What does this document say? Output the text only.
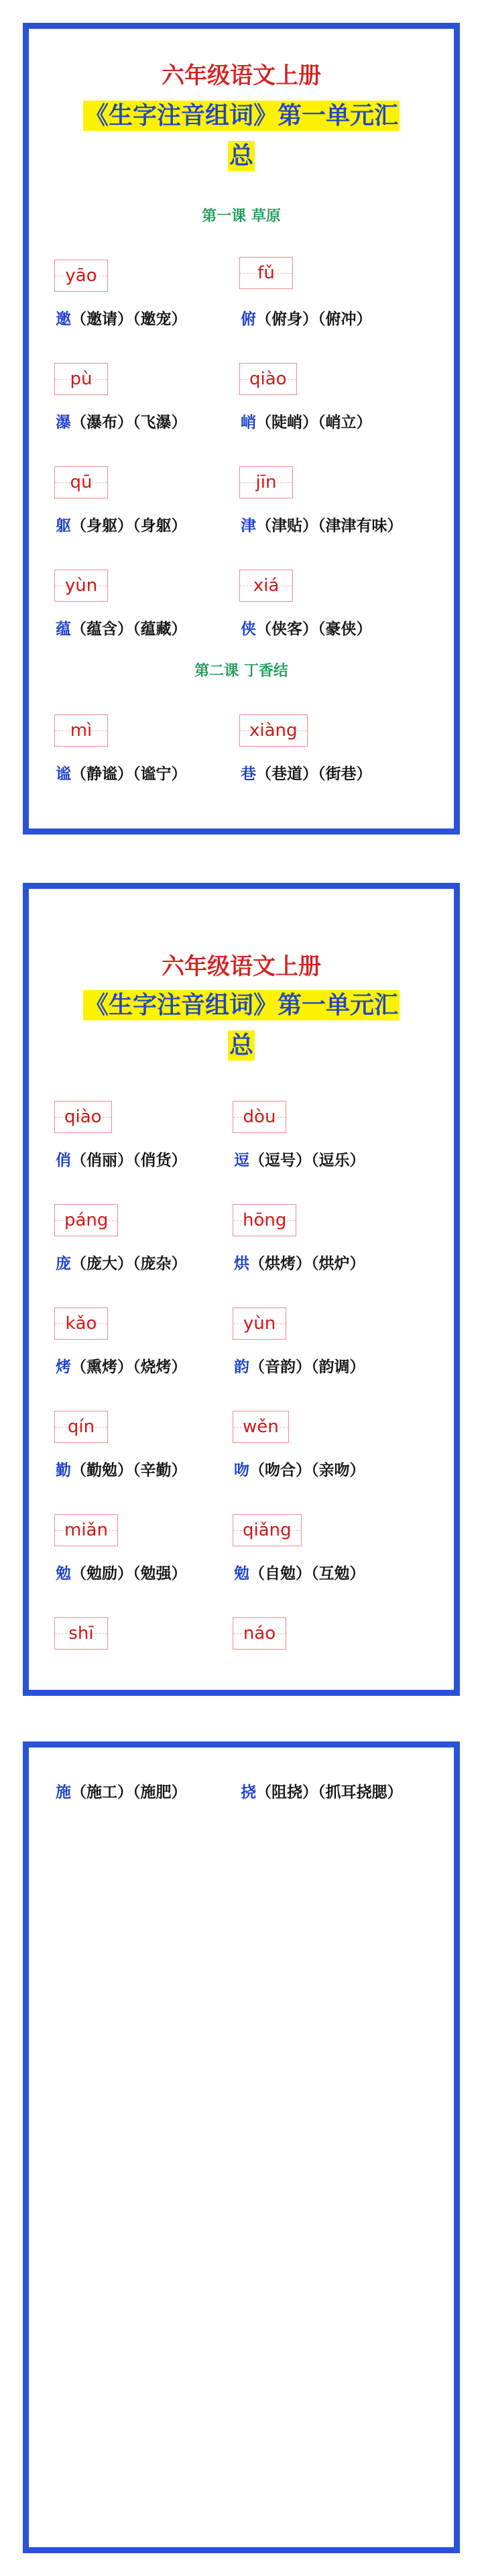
六年级语文上册
《生字注音组词》第一单元汇
总
第一课 草原
yāo	fǔ
邀（邀请）（邀宠）	俯（俯身）（俯冲）
pù	qiào
瀑（瀑布）（飞瀑）	峭（陡峭）（峭立）
qū	jīn
躯（身躯）（身躯）	津（津贴）（津津有味）
yùn	xiá
蕴（蕴含）（蕴藏）	侠（侠客）（豪侠）
第二课 丁香结
mì	xiàng
谧（静谧）（谧宁）	巷（巷道）（街巷）
六年级语文上册
《生字注音组词》第一单元汇
总
qiào	dòu
俏（俏丽）（俏货）	逗（逗号）（逗乐）
páng	hōng
庞（庞大）（庞杂）	烘（烘烤）（烘炉）
kǎo	yùn
烤（熏烤）（烧烤）	韵（音韵）（韵调）
qín	wěn
勤（勤勉）（辛勤）	吻（吻合）（亲吻）
miǎn	qiǎng
勉（勉励）（勉强）	勉（自勉）（互勉）
shī	náo
施（施工）（施肥）	挠（阻挠）（抓耳挠腮）
